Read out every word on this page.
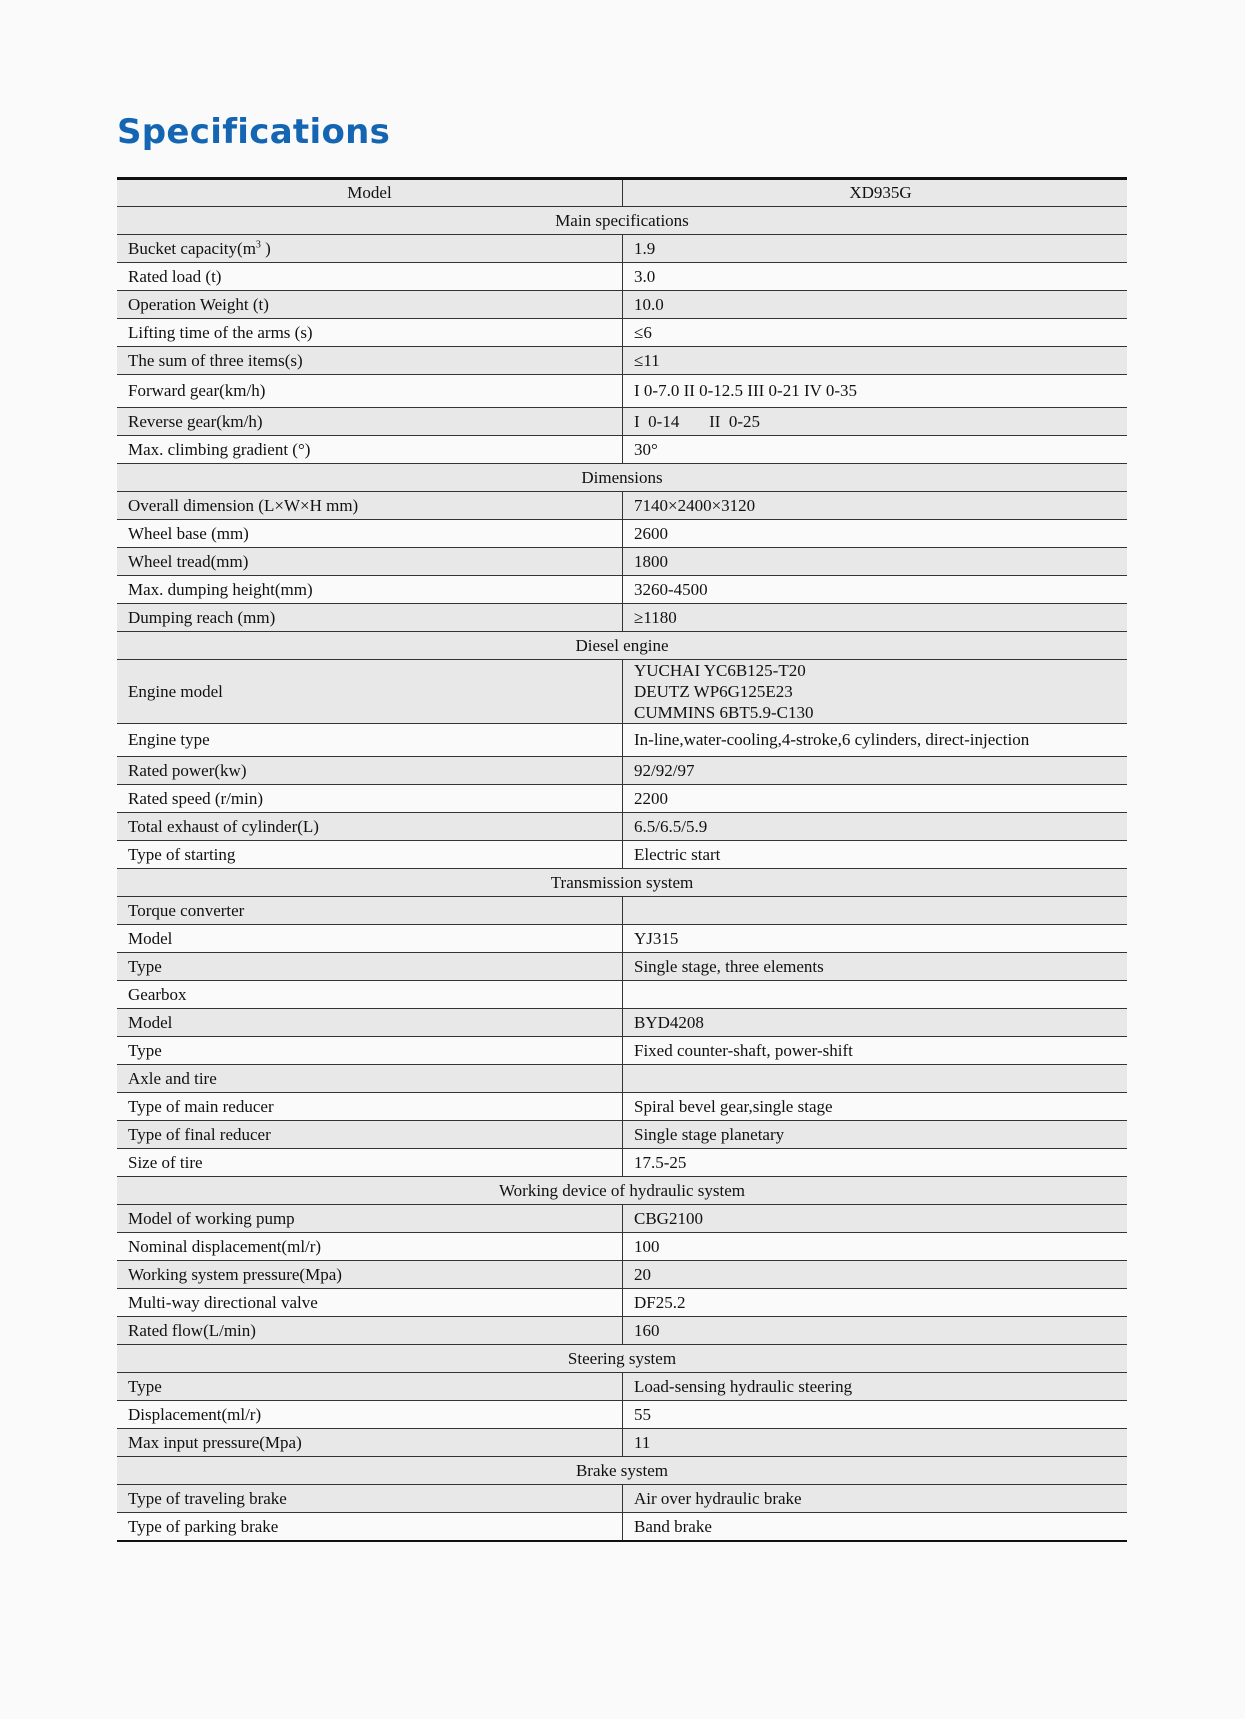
Specifications
Model	XD935G
Main specifications	
Bucket $capacity(m^3$ )	1.9
Rated load (t)	3.0
Operation Weight (t)	10.0
Lifting time of the arms (s)	≤6
The sum of three items(s)	≤11
Forward gear(km/h)	I 0-7.0 II 0-12.5 III 0-21 IV 0-35
Reverse gear(km/h)	I  0-14       II  0-25
Max. climbing gradient (°)	30°
Dimensions	
Overall dimension (L×W×H mm)	7140×2400×3120
Wheel base (mm)	2600
Wheel tread(mm)	1800
Max. dumping height(mm)	3260-4500
Dumping reach (mm)	≥1180
Diesel engine	
Engine model	YUCHAI YC6B125-T20
DEUTZ WP6G125E23
CUMMINS 6BT5.9-C130

Engine type	In-line,water-cooling,4-stroke,6 cylinders, direct-injection
Rated power(kw)	92/92/97
Rated speed (r/min)	2200
Total exhaust of cylinder(L)	6.5/6.5/5.9
Type of starting	Electric start
Transmission system	
Torque converter	
Model	YJ315
Type	Single stage, three elements
Gearbox	
Model	BYD4208
Type	Fixed counter-shaft, power-shift
Axle and tire	
Type of main reducer	Spiral bevel gear,single stage
Type of final reducer	Single stage planetary
Size of tire	17.5-25
Working device of hydraulic system	
Model of working pump	CBG2100
Nominal displacement(ml/r)	100
Working system pressure(Mpa)	20
Multi-way directional valve	DF25.2
Rated flow(L/min)	160
Steering system	
Type	Load-sensing hydraulic steering
Displacement(ml/r)	55
Max input pressure(Mpa)	11
Brake system	
Type of traveling brake	Air over hydraulic brake
Type of parking brake	Band brake
